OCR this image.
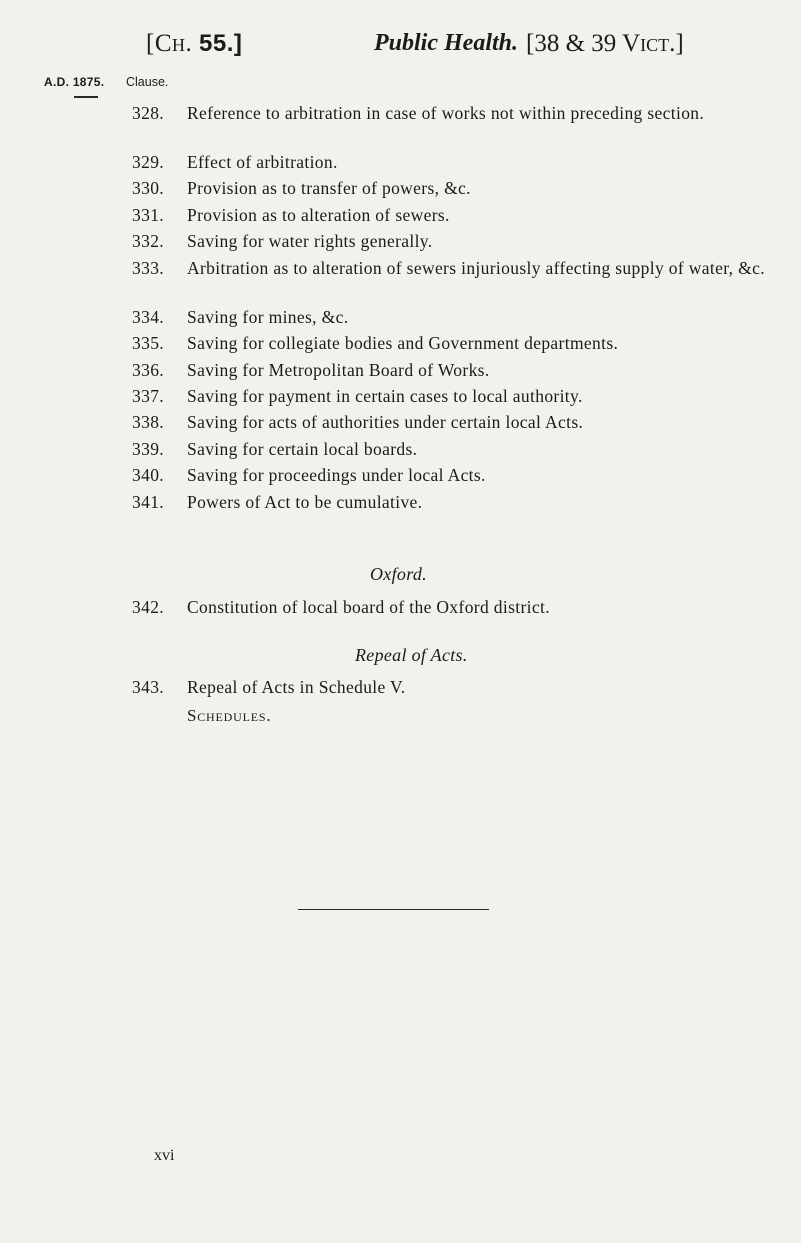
[Ch. 55.]	Public Health. [38 & 39 Vict.]
A.D. 1875. Clause.
328. Reference to arbitration in case of works not within preceding section.
329. Effect of arbitration.
330. Provision as to transfer of powers, &c.
331. Provision as to alteration of sewers.
332. Saving for water rights generally.
333. Arbitration as to alteration of sewers injuriously affecting supply of water, &c.
334. Saving for mines, &c.
335. Saving for collegiate bodies and Government departments.
336. Saving for Metropolitan Board of Works.
337. Saving for payment in certain cases to local authority.
338. Saving for acts of authorities under certain local Acts.
339. Saving for certain local boards.
340. Saving for proceedings under local Acts.
341. Powers of Act to be cumulative.
Oxford.
342. Constitution of local board of the Oxford district.
Repeal of Acts.
343. Repeal of Acts in Schedule V.
Schedules.
xvi
